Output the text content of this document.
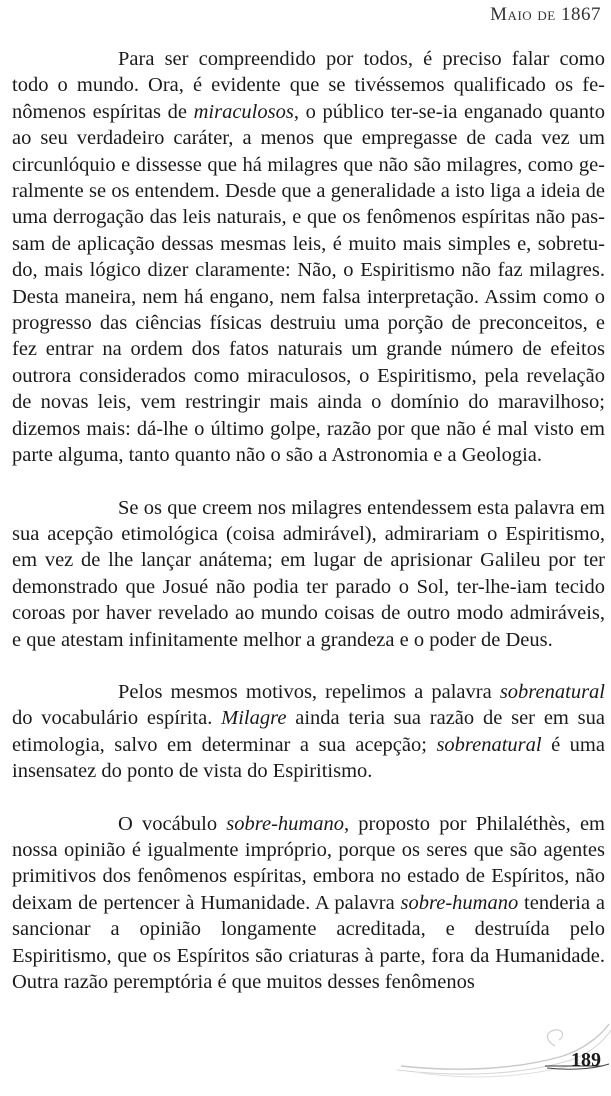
Maio de 1867

Para ser compreendido por todos, é preciso falar como todo o mundo. Ora, é evidente que se tivéssemos qualificado os fenômenos espíritas de miraculosos, o público ter-se-ia enganado quanto ao seu verdadeiro caráter, a menos que empregasse de cada vez um circunlóquio e dissesse que há milagres que não são milagres, como geralmente se os entendem. Desde que a generalidade a isto liga a ideia de uma derrogação das leis naturais, e que os fenômenos espíritas não passam de aplicação dessas mesmas leis, é muito mais simples e, sobretudo, mais lógico dizer claramente: Não, o Espiritismo não faz milagres. Desta maneira, nem há engano, nem falsa interpretação. Assim como o progresso das ciências físicas destruiu uma porção de preconceitos, e fez entrar na ordem dos fatos naturais um grande número de efeitos outrora considerados como miraculosos, o Espiritismo, pela revelação de novas leis, vem restringir mais ainda o domínio do maravilhoso; dizemos mais: dá-lhe o último golpe, razão por que não é mal visto em parte alguma, tanto quanto não o são a Astronomia e a Geologia.

Se os que creem nos milagres entendessem esta palavra em sua acepção etimológica (coisa admirável), admirariam o Espiritismo, em vez de lhe lançar anátema; em lugar de aprisionar Galileu por ter demonstrado que Josué não podia ter parado o Sol, ter-lhe-iam tecido coroas por haver revelado ao mundo coisas de outro modo admiráveis, e que atestam infinitamente melhor a grandeza e o poder de Deus.

Pelos mesmos motivos, repelimos a palavra sobrenatural do vocabulário espírita. Milagre ainda teria sua razão de ser em sua etimologia, salvo em determinar a sua acepção; sobrenatural é uma insensatez do ponto de vista do Espiritismo.

O vocábulo sobre-humano, proposto por Philaléthès, em nossa opinião é igualmente impróprio, porque os seres que são agentes primitivos dos fenômenos espíritas, embora no estado de Espíritos, não deixam de pertencer à Humanidade. A palavra sobre-humano tenderia a sancionar a opinião longamente acreditada, e destruída pelo Espiritismo, que os Espíritos são criaturas à parte, fora da Humanidade. Outra razão peremptória é que muitos desses fenômenos

189
